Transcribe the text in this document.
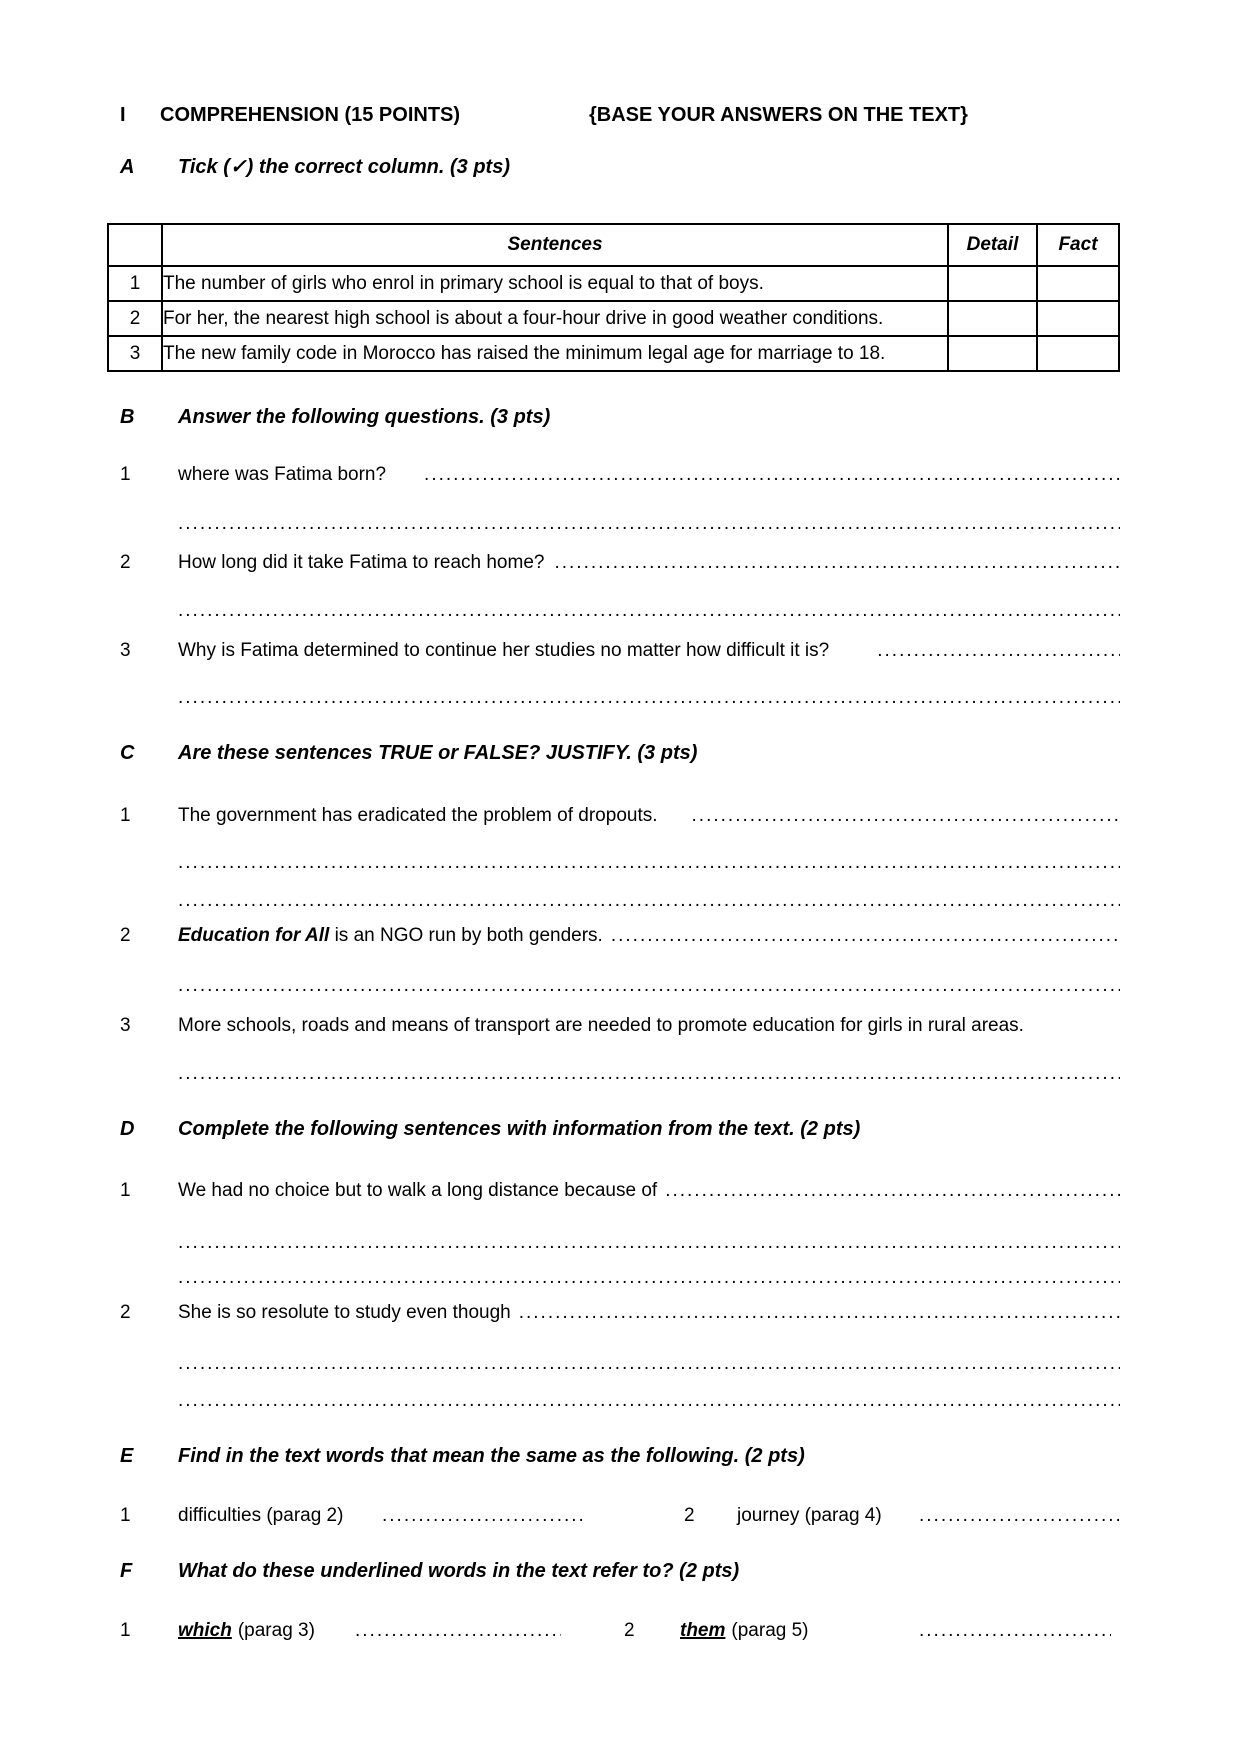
I COMPREHENSION (15 POINTS)	{BASE YOUR ANSWERS ON THE TEXT}
A	Tick (✓) the correct column. (3 pts)
	Sentences	Detail	Fact
1	The number of girls who enrol in primary school is equal to that of boys.		
2	For her, the nearest high school is about a four-hour drive in good weather conditions.		
3	The new family code in Morocco has raised the minimum legal age for marriage to 18.		
B	Answer the following questions. (3 pts)
1	where was Fatima born?
.....
.....
2	How long did it take Fatima to reach home?
.....
.....
3	Why is Fatima determined to continue her studies no matter how difficult it is?
.....
.....
C	Are these sentences TRUE or FALSE? JUSTIFY. (3 pts)
1	The government has eradicated the problem of dropouts.
.....
.....
.....
2	Education for All is an NGO run by both genders.
.....
.....
3	More schools, roads and means of transport are needed to promote education for girls in rural areas.
.....
D	Complete the following sentences with information from the text. (2 pts)
1	We had no choice but to walk a long distance because of
.....
.....
.....
2	She is so resolute to study even though
.....
.....
.....
E	Find in the text words that mean the same as the following. (2 pts)
1 difficulties (parag 2) .....	2 journey (parag 4)
.....
F	What do these underlined words in the text refer to? (2 pts)
1 which (parag 3) .....	2 them (parag 5)
.....
